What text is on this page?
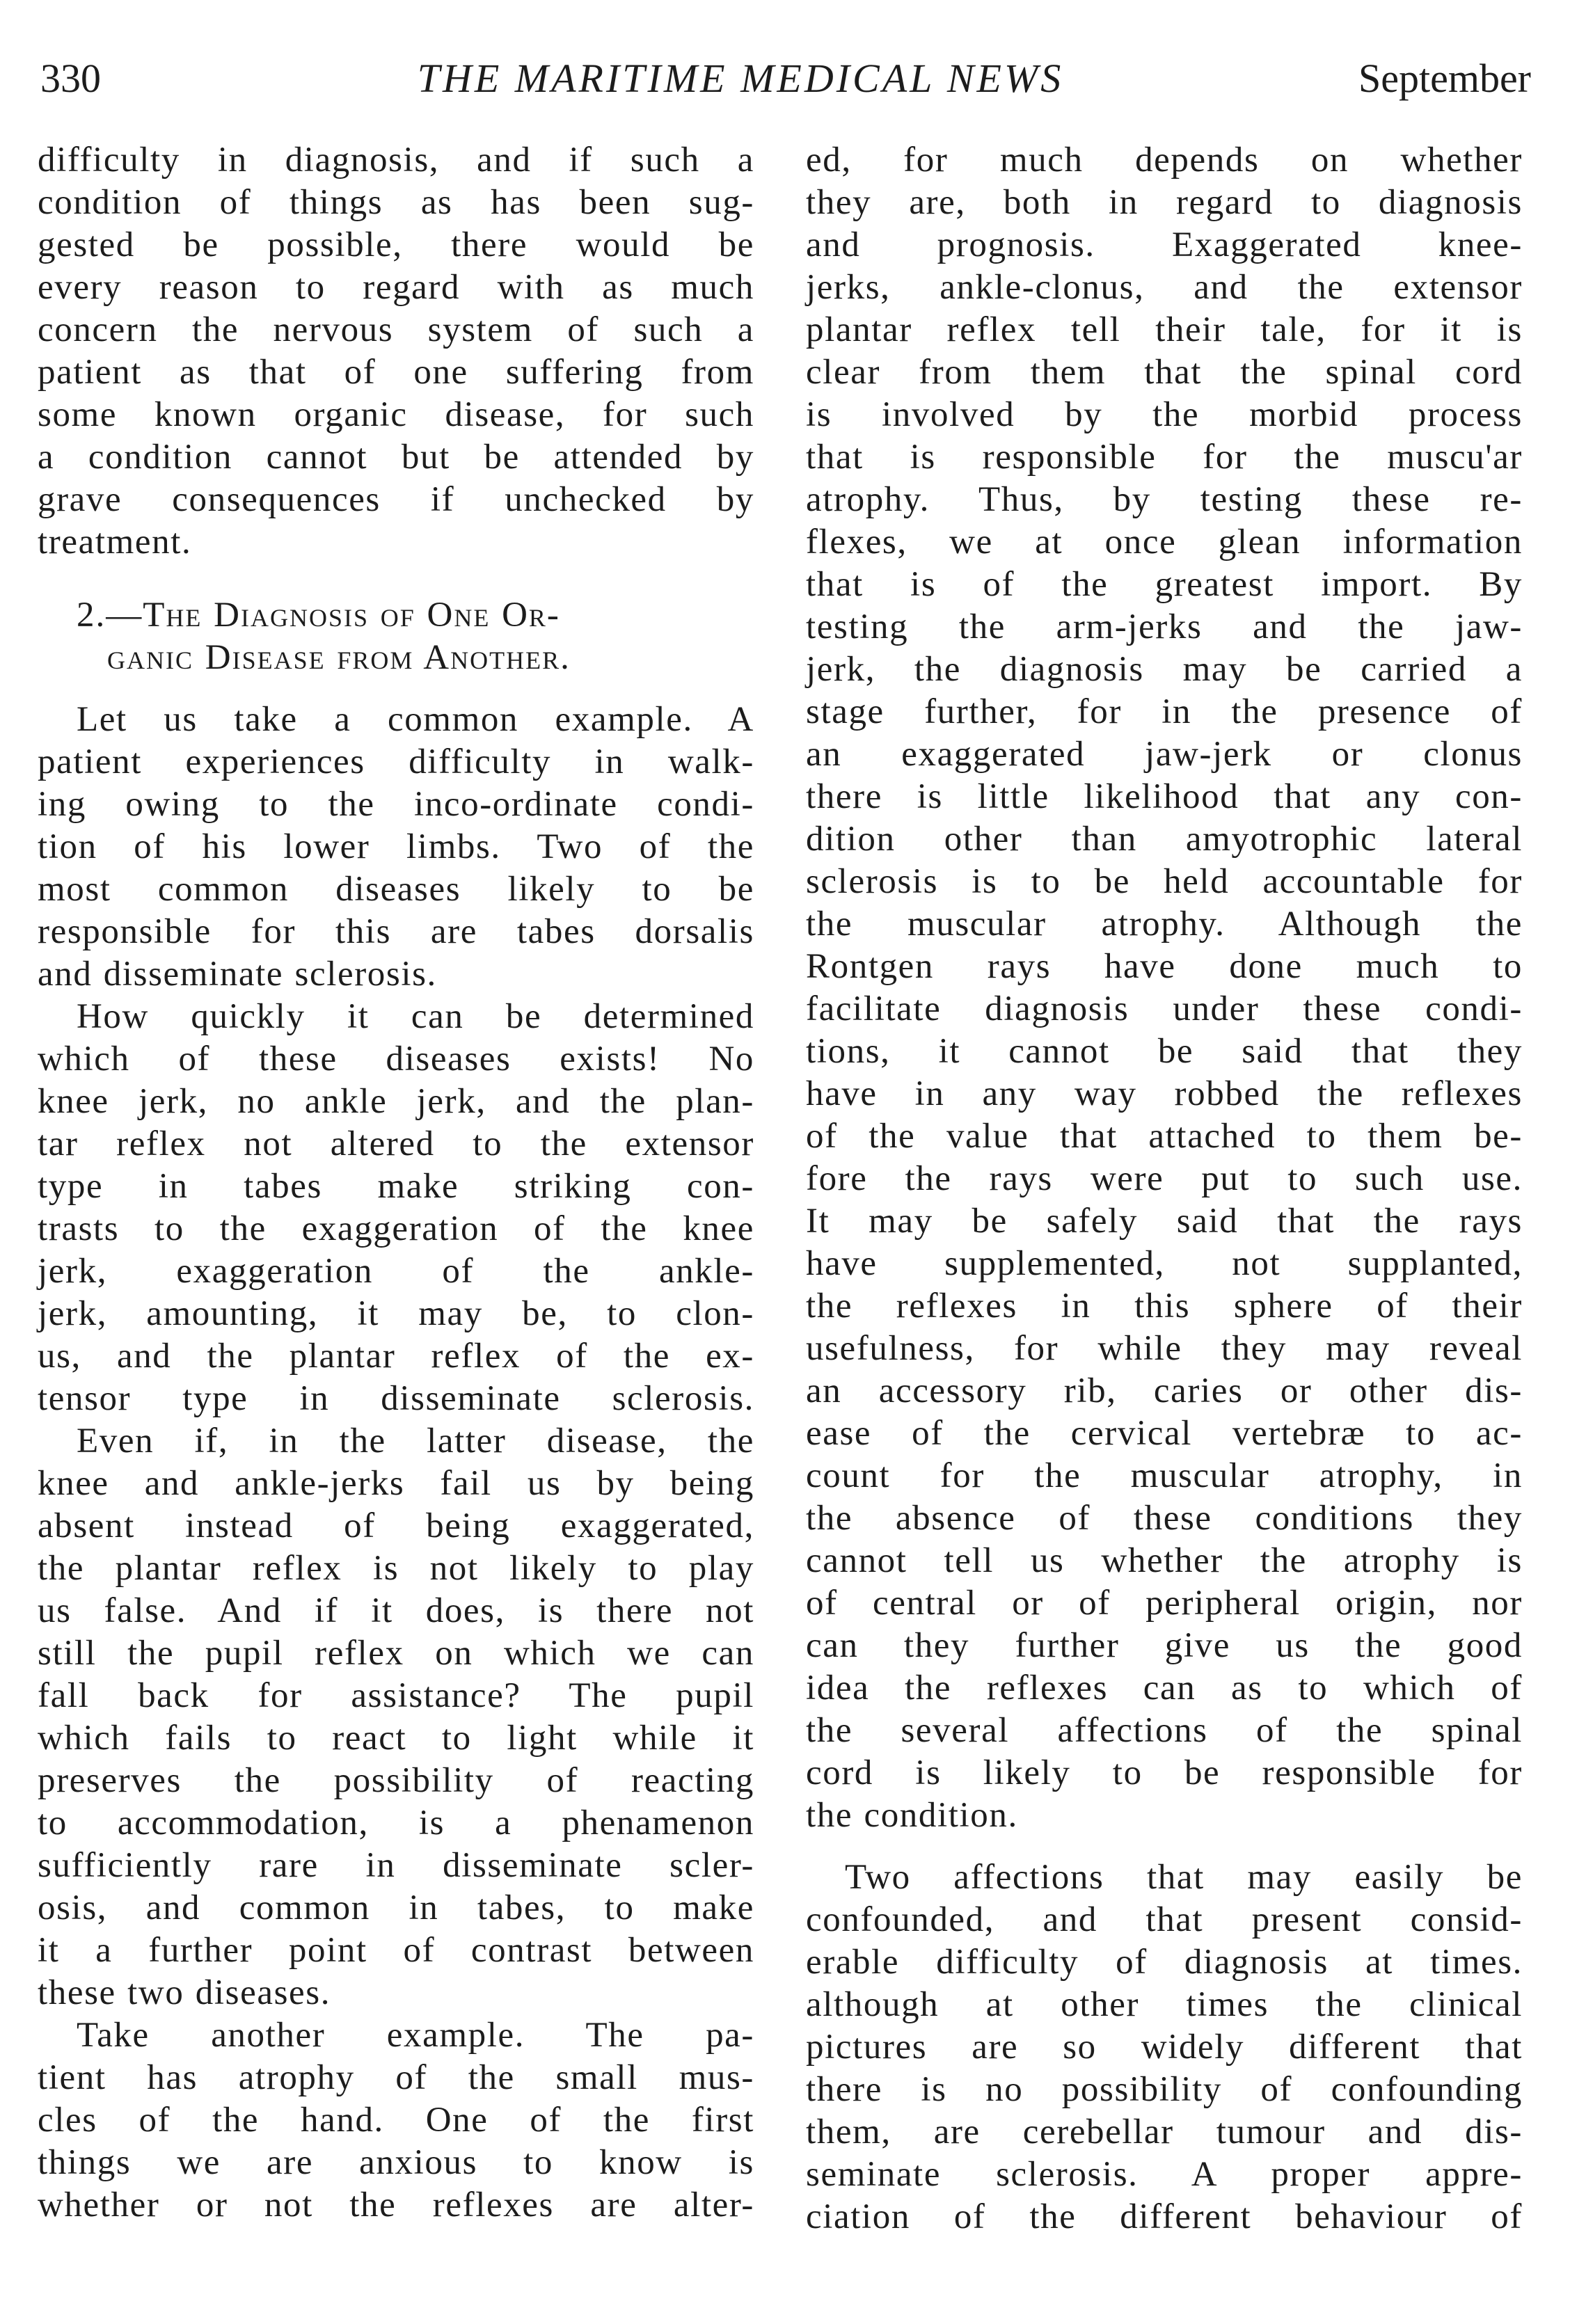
330	THE MARITIME MEDICAL NEWS	September
difficulty in diagnosis, and if such a
condition of things as has been sug-
gested be possible, there would be
every reason to regard with as much
concern the nervous system of such a
patient as that of one suffering from
some known organic disease, for such
a condition cannot but be attended by
grave consequences if unchecked by
treatment.
2.—The Diagnosis of One Or-
ganic Disease from Another.
Let us take a common example. A
patient experiences difficulty in walk-
ing owing to the inco-ordinate condi-
tion of his lower limbs. Two of the
most common diseases likely to be
responsible for this are tabes dorsalis
and disseminate sclerosis.
How quickly it can be determined
which of these diseases exists! No
knee jerk, no ankle jerk, and the plan-
tar reflex not altered to the extensor
type in tabes make striking con-
trasts to the exaggeration of the knee
jerk, exaggeration of the ankle-
jerk, amounting, it may be, to clon-
us, and the plantar reflex of the ex-
tensor type in disseminate sclerosis.
Even if, in the latter disease, the
knee and ankle-jerks fail us by being
absent instead of being exaggerated,
the plantar reflex is not likely to play
us false. And if it does, is there not
still the pupil reflex on which we can
fall back for assistance? The pupil
which fails to react to light while it
preserves the possibility of reacting
to accommodation, is a phenamenon
sufficiently rare in disseminate scler-
osis, and common in tabes, to make
it a further point of contrast between
these two diseases.
Take another example. The pa-
tient has atrophy of the small mus-
cles of the hand. One of the first
things we are anxious to know is
whether or not the reflexes are alter-
ed, for much depends on whether
they are, both in regard to diagnosis
and prognosis. Exaggerated knee-
jerks, ankle-clonus, and the extensor
plantar reflex tell their tale, for it is
clear from them that the spinal cord
is involved by the morbid process
that is responsible for the muscu'ar
atrophy. Thus, by testing these re-
flexes, we at once glean information
that is of the greatest import. By
testing the arm-jerks and the jaw-
jerk, the diagnosis may be carried a
stage further, for in the presence of
an exaggerated jaw-jerk or clonus
there is little likelihood that any con-
dition other than amyotrophic lateral
sclerosis is to be held accountable for
the muscular atrophy. Although the
Rontgen rays have done much to
facilitate diagnosis under these condi-
tions, it cannot be said that they
have in any way robbed the reflexes
of the value that attached to them be-
fore the rays were put to such use.
It may be safely said that the rays
have supplemented, not supplanted,
the reflexes in this sphere of their
usefulness, for while they may reveal
an accessory rib, caries or other dis-
ease of the cervical vertebræ to ac-
count for the muscular atrophy, in
the absence of these conditions they
cannot tell us whether the atrophy is
of central or of peripheral origin, nor
can they further give us the good
idea the reflexes can as to which of
the several affections of the spinal
cord is likely to be responsible for
the condition.
Two affections that may easily be
confounded, and that present consid-
erable difficulty of diagnosis at times.
although at other times the clinical
pictures are so widely different that
there is no possibility of confounding
them, are cerebellar tumour and dis-
seminate sclerosis. A proper appre-
ciation of the different behaviour of
